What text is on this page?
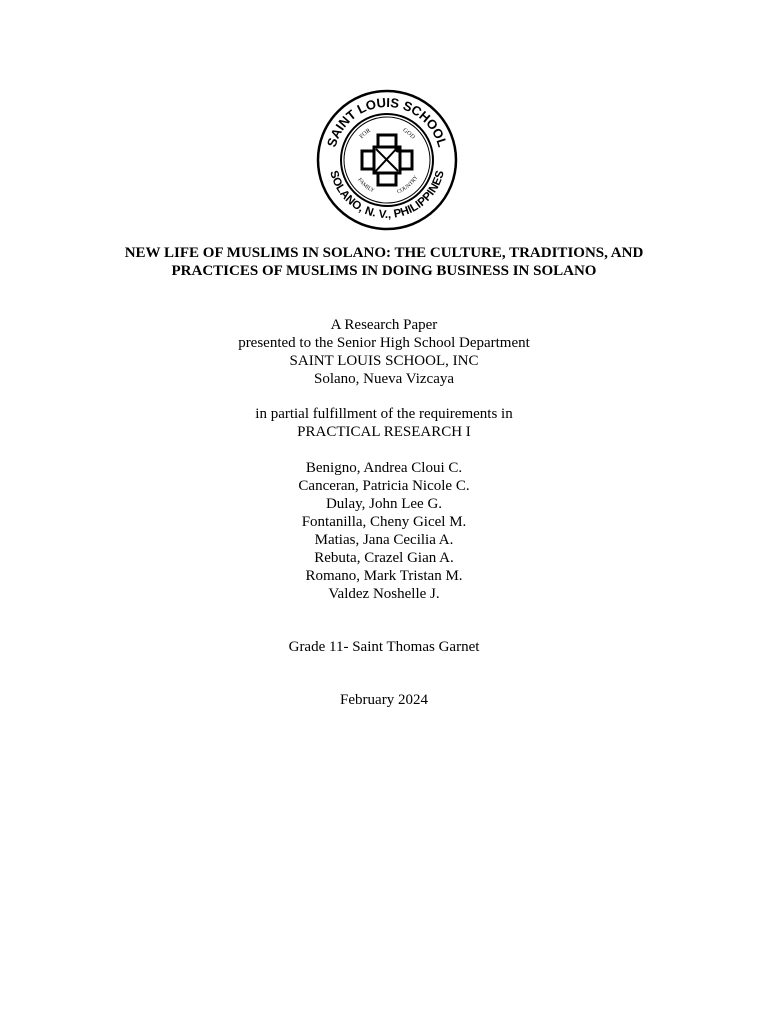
SAINT LOUIS SCHOOL
SOLANO, N. V., PHILIPPINES
FOR	GOD
FAMILY	COUNTRY
NEW LIFE OF MUSLIMS IN SOLANO: THE CULTURE, TRADITIONS, AND
PRACTICES OF MUSLIMS IN DOING BUSINESS IN SOLANO
A Research Paper
presented to the Senior High School Department
SAINT LOUIS SCHOOL, INC
Solano, Nueva Vizcaya
in partial fulfillment of the requirements in
PRACTICAL RESEARCH I
Benigno, Andrea Cloui C.
Canceran, Patricia Nicole C.
Dulay, John Lee G.
Fontanilla, Cheny Gicel M.
Matias, Jana Cecilia A.
Rebuta, Crazel Gian A.
Romano, Mark Tristan M.
Valdez Noshelle J.
Grade 11- Saint Thomas Garnet
February 2024
